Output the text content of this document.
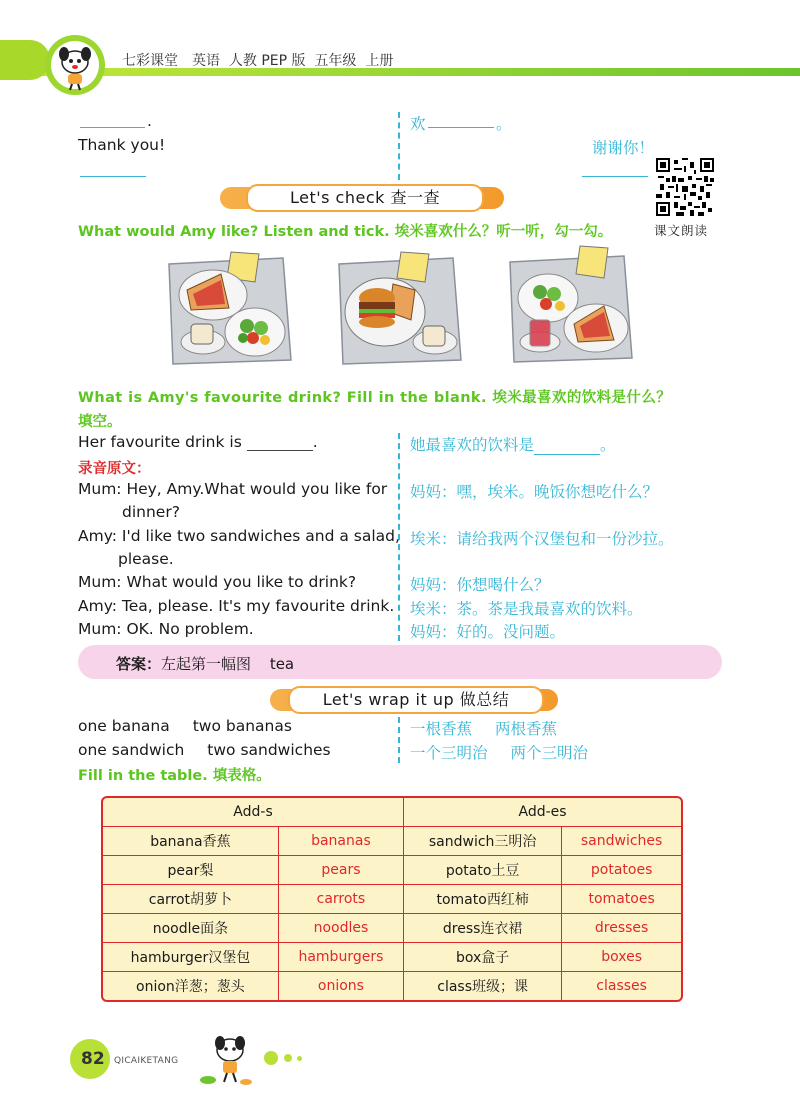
七彩课堂　英语  人教 PEP 版  五年级  上册
.
Thank you!
欢	。
谢谢你！
课文朗读
Let's check 查一查
What would Amy like? Listen and tick. 埃米喜欢什么？听一听，勾一勾。
What is Amy's favourite drink? Fill in the blank. 埃米最喜欢的饮料是什么？
填空。
Her favourite drink is	.	她最喜欢的饮料是	。
录音原文：
Mum: Hey, Amy.What would you like for
dinner?
Amy: I'd like two sandwiches and a salad,
please.
Mum: What would you like to drink?
Amy: Tea, please. It's my favourite drink.
Mum: OK. No problem.
妈妈：嘿，埃米。晚饭你想吃什么？
埃米：请给我两个汉堡包和一份沙拉。
妈妈：你想喝什么？
埃米：茶。茶是我最喜欢的饮料。
妈妈：好的。没问题。
答案：左起第一幅图 tea
Let's wrap it up 做总结
one banana two bananas
one sandwich two sandwiches
一根香蕉 两根香蕉
一个三明治 两个三明治
Fill in the table. 填表格。
Add-s		Add-es	
banana香蕉	bananas	sandwich三明治	sandwiches
pear梨	pears	potato土豆	potatoes
carrot胡萝卜	carrots	tomato西红柿	tomatoes
noodle面条	noodles	dress连衣裙	dresses
hamburger汉堡包	hamburgers	box盒子	boxes
onion洋葱；葱头	onions	class班级；课	classes
82 QICAIKETANG
